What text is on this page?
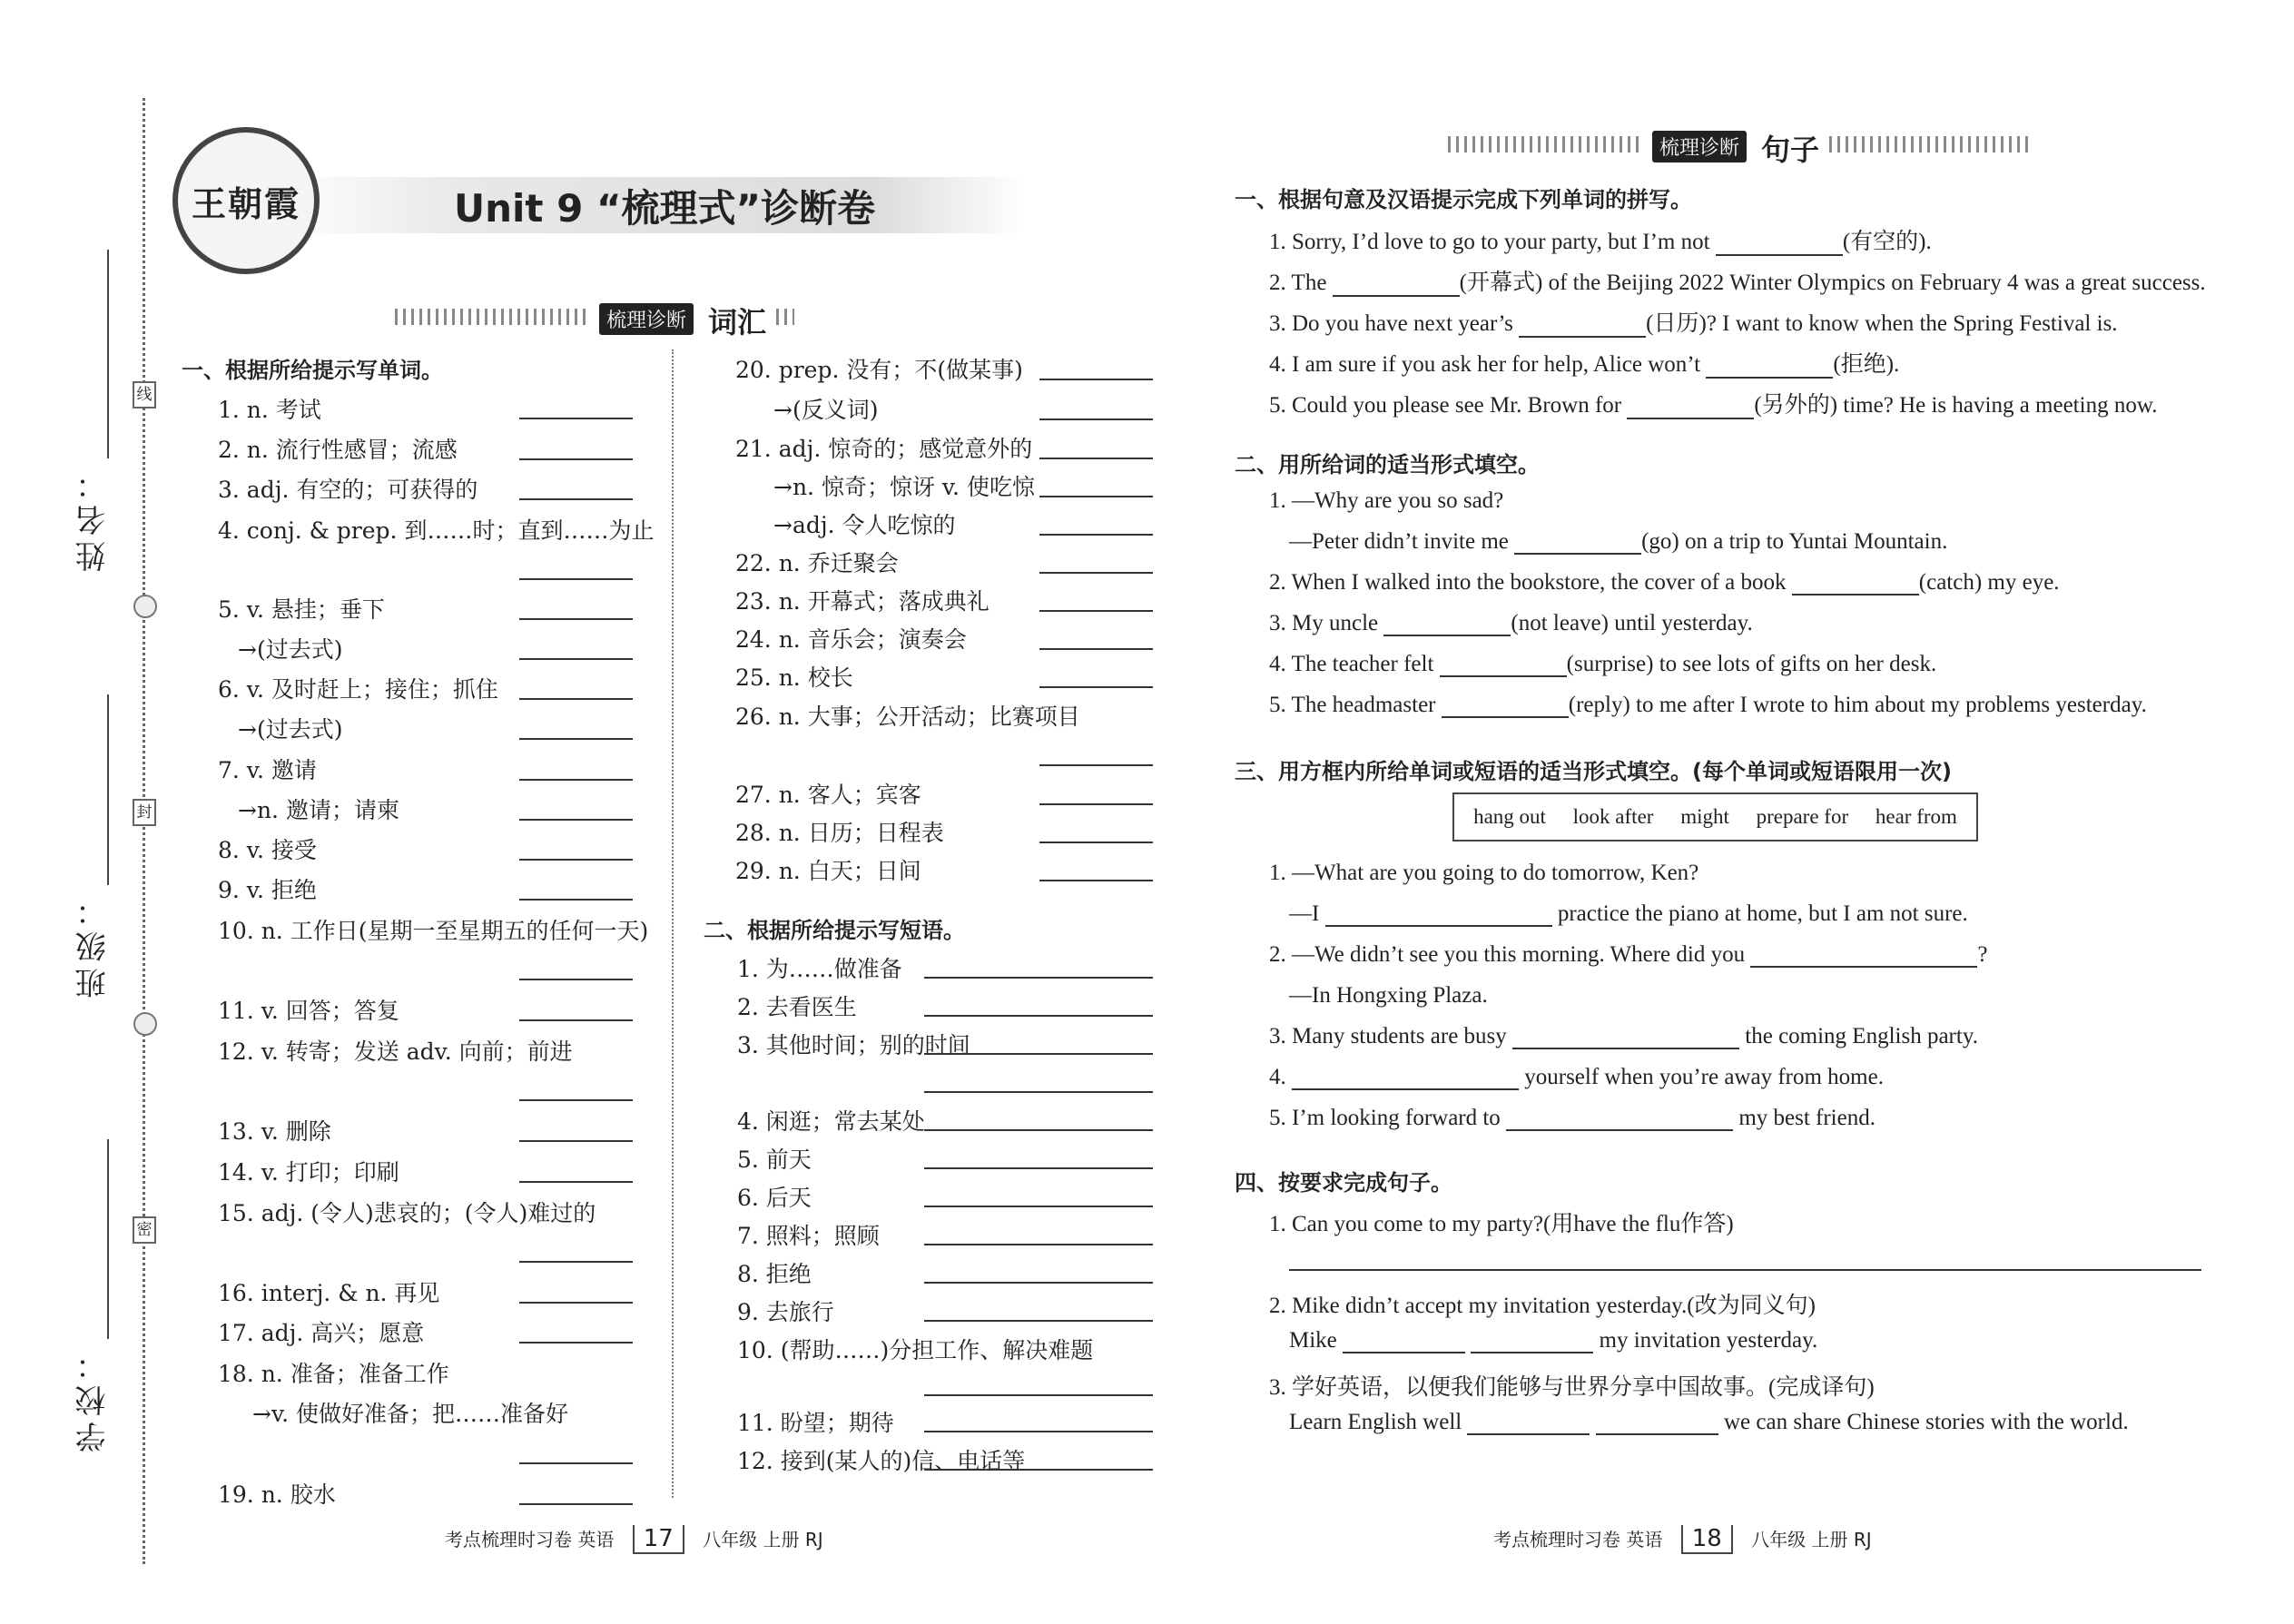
线
封
密
姓名：
班级：
学校：
王朝霞	Unit 9 “梳理式”诊断卷
梳理诊断 词汇
一、根据所给提示写单词。
1. n. 考试
2. n. 流行性感冒；流感
3. adj. 有空的；可获得的
4. conj. & prep. 到……时；直到……为止
5. v. 悬挂；垂下
→(过去式)
6. v. 及时赶上；接住；抓住
→(过去式)
7. v. 邀请
→n. 邀请；请柬
8. v. 接受
9. v. 拒绝
10. n. 工作日(星期一至星期五的任何一天)
11. v. 回答；答复
12. v. 转寄；发送 adv. 向前；前进
13. v. 删除
14. v. 打印；印刷
15. adj. (令人)悲哀的；(令人)难过的
16. interj. & n. 再见
17. adj. 高兴；愿意
18. n. 准备；准备工作
→v. 使做好准备；把……准备好
19. n. 胶水
20. prep. 没有；不(做某事)
→(反义词)
21. adj. 惊奇的；感觉意外的
→n. 惊奇；惊讶 v. 使吃惊
→adj. 令人吃惊的
22. n. 乔迁聚会
23. n. 开幕式；落成典礼
24. n. 音乐会；演奏会
25. n. 校长
26. n. 大事；公开活动；比赛项目
27. n. 客人；宾客
28. n. 日历；日程表
29. n. 白天；日间
二、根据所给提示写短语。
1. 为……做准备
2. 去看医生
3. 其他时间；别的时间
4. 闲逛；常去某处
5. 前天
6. 后天
7. 照料；照顾
8. 拒绝
9. 去旅行
10. (帮助……)分担工作、解决难题
11. 盼望；期待
12. 接到(某人的)信、电话等
考点梳理时习卷 英语 17 八年级 上册 RJ
梳理诊断 句子
一、根据句意及汉语提示完成下列单词的拼写。
1. Sorry, I’d love to go to your party, but I’m not	(有空的).
2. The	(开幕式) of the Beijing 2022 Winter Olympics on February 4 was a great success.
3. Do you have next year’s	(日历)? I want to know when the Spring Festival is.
4. I am sure if you ask her for help, Alice won’t	(拒绝).
5. Could you please see Mr. Brown for	(另外的) time? He is having a meeting now.
二、用所给词的适当形式填空。
1. —Why are you so sad?
—Peter didn’t invite me	(go) on a trip to Yuntai Mountain.
2. When I walked into the bookstore, the cover of a book	(catch) my eye.
3. My uncle	(not leave) until yesterday.
4. The teacher felt	(surprise) to see lots of gifts on her desk.
5. The headmaster	(reply) to me after I wrote to him about my problems yesterday.
三、用方框内所给单词或短语的适当形式填空。(每个单词或短语限用一次)
hang out look after might prepare for hear from
1. —What are you going to do tomorrow, Ken?
—I	practice the piano at home, but I am not sure.
2. —We didn’t see you this morning. Where did you	?
—In Hongxing Plaza.
3. Many students are busy	the coming English party.
4.	yourself when you’re away from home.
5. I’m looking forward to	my best friend.
四、按要求完成句子。
1. Can you come to my party?(用have the flu作答)
2. Mike didn’t accept my invitation yesterday.(改为同义句)
Mike	my invitation yesterday.
3. 学好英语，以便我们能够与世界分享中国故事。(完成译句)
Learn English well	we can share Chinese stories with the world.
考点梳理时习卷 英语 18 八年级 上册 RJ
